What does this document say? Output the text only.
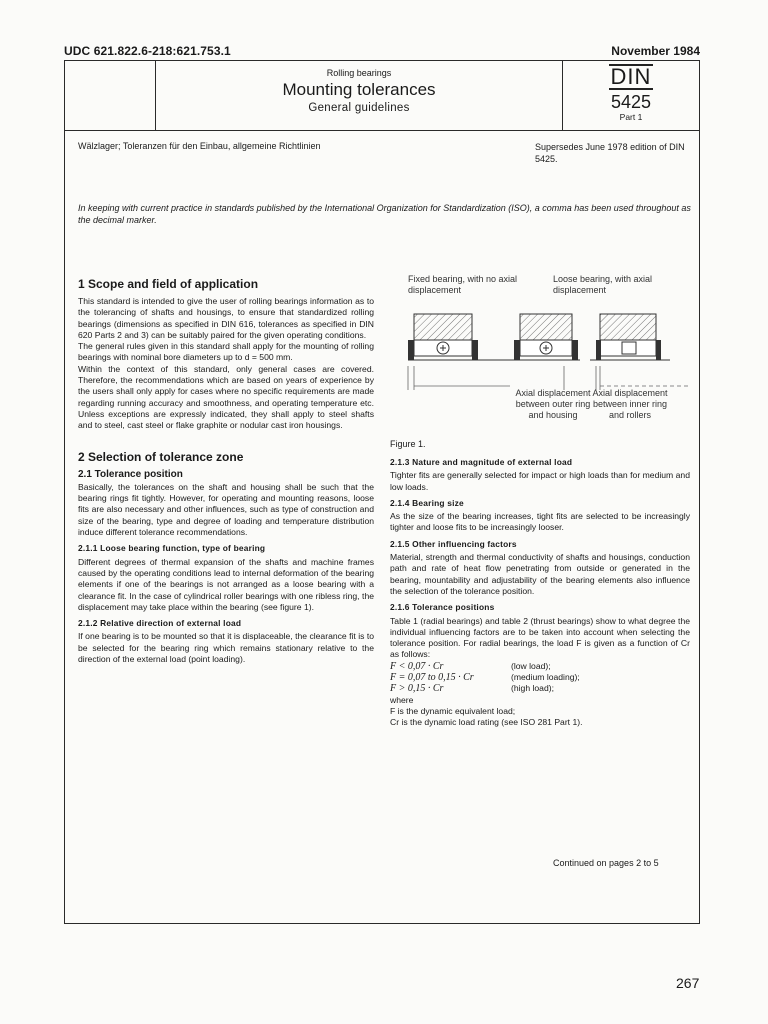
UDC 621.822.6-218:621.753.1	November 1984
Rolling bearings
Mounting tolerances
General guidelines
DIN
5425
Part 1
Wälzlager; Toleranzen für den Einbau, allgemeine Richtlinien	Supersedes June 1978 edition of DIN 5425.
In keeping with current practice in standards published by the International Organization for Standardization (ISO), a comma has been used throughout as the decimal marker.
1 Scope and field of application

This standard is intended to give the user of rolling bearings information as to the tolerancing of shafts and housings, to ensure that standardized rolling bearings (dimensions as specified in DIN 616, tolerances as specified in DIN 620 Parts 2 and 3) can be suitably paired for the given operating conditions.

The general rules given in this standard shall apply for the mounting of rolling bearings with nominal bore diameters up to d = 500 mm.

Within the context of this standard, only general cases are covered. Therefore, the recommendations which are based on years of experience by the users shall only apply for cases where no specific requirements are made regarding running accuracy and smoothness, and operating temperature etc. Unless exceptions are expressly indicated, they shall apply to steel shafts and to steel, cast steel or flake graphite or nodular cast iron housings.

2 Selection of tolerance zone
2.1 Tolerance position

Basically, the tolerances on the shaft and housing shall be such that the bearing rings fit tightly. However, for operating and mounting reasons, loose fits are also necessary and other influences, such as type of construction and size of the bearing, type and degree of loading and temperature distribution induce different tolerance recommendations.

2.1.1 Loose bearing function, type of bearing

Different degrees of thermal expansion of the shafts and machine frames caused by the operating conditions lead to internal deformation of the bearing elements if one of the bearings is not arranged as a loose bearing with a clearance fit. In the case of cylindrical roller bearings with one ribless ring, the displacement may take place within the bearing (see figure 1).

2.1.2 Relative direction of external load

If one bearing is to be mounted so that it is displaceable, the clearance fit is to be selected for the bearing ring which remains stationary relative to the direction of the external load (point loading).

Fixed bearing, with no axial displacement
Loose bearing, with axial displacement
Axial displacement between outer ring and housing
Axial displacement between inner ring and rollers
Figure 1.
2.1.3 Nature and magnitude of external load

Tighter fits are generally selected for impact or high loads than for medium and low loads.

2.1.4 Bearing size

As the size of the bearing increases, tight fits are selected to be increasingly tighter and loose fits to be increasingly looser.

2.1.5 Other influencing factors

Material, strength and thermal conductivity of shafts and housings, conduction path and rate of heat flow penetrating from outside or generated in the bearing, mountability and adjustability of the bearing elements also influence the selection of the tolerance position.

2.1.6 Tolerance positions

Table 1 (radial bearings) and table 2 (thrust bearings) show to what degree the individual influencing factors are to be taken into account when selecting the tolerance position. For radial bearings, the load F is given as a function of Cr as follows:

F < 0,07 · Cr	(low load);
F = 0,07 to 0,15 · Cr	(medium loading);
F > 0,15 · Cr	(high load);
where
F is the dynamic equivalent load;
Cr is the dynamic load rating (see ISO 281 Part 1).
Continued on pages 2 to 5
267
